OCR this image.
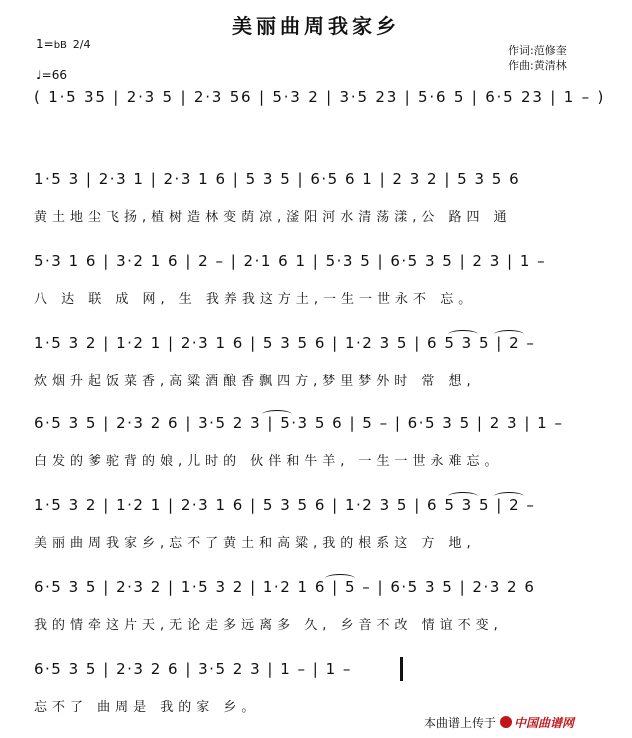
美丽曲周我家乡
1=bB 2/4
♩=66
作词:范修奎
作曲:黄清林
( 1·5 35 | 2·3 5 | 2·3 56 | 5·3 2 | 3·5 23 | 5·6 5 | 6·5 23 | 1 – )
1·5 3 | 2·3 1 | 2·3 1 6 | 5 3 5 | 6·5 6 1 | 2 3 2 | 5 3 5 6
黄土地尘飞扬,植树造林变荫凉,滏阳河水清荡漾,公 路四 通
5·3 1 6 | 3·2 1 6 | 2 – | 2·1 6 1 | 5·3 5 | 6·5 3 5 | 2 3 | 1 –
八 达 联 成 网, 生 我养我这方土,一生一世永不 忘。
1·5 3 2 | 1·2 1 | 2·3 1 6 | 5 3 5 6 | 1·2 3 5 | 6 5 3 5 | 2 –
炊烟升起饭菜香,高粱酒酿香飘四方,梦里梦外时 常 想,
6·5 3 5 | 2·3 2 6 | 3·5 2 3 | 5·3 5 6 | 5 – | 6·5 3 5 | 2 3 | 1 –
白发的爹驼背的娘,儿时的 伙伴和牛羊, 一生一世永难忘。
1·5 3 2 | 1·2 1 | 2·3 1 6 | 5 3 5 6 | 1·2 3 5 | 6 5 3 5 | 2 –
美丽曲周我家乡,忘不了黄土和高粱,我的根系这 方 地,
6·5 3 5 | 2·3 2 | 1·5 3 2 | 1·2 1 6 | 5 – | 6·5 3 5 | 2·3 2 6
我的情牵这片天,无论走多远离多 久, 乡音不改 情谊不变,
6·5 3 5 | 2·3 2 6 | 3·5 2 3 | 1 – | 1 –
忘不了 曲周是 我的家 乡。
本曲谱上传于 中国曲谱网
